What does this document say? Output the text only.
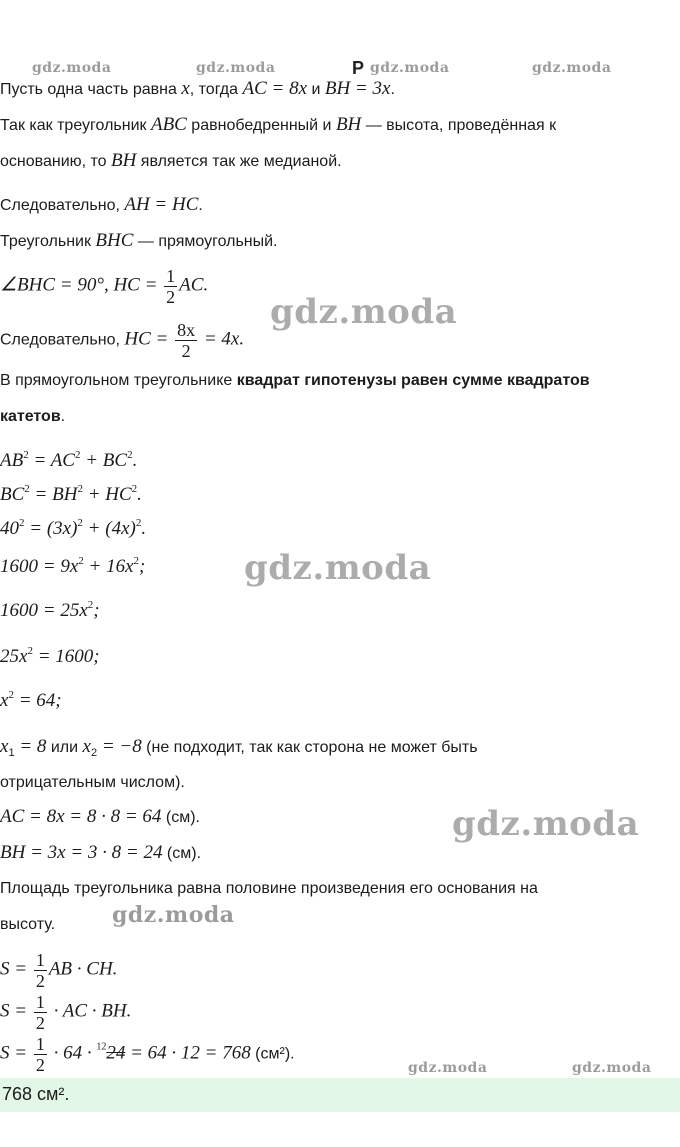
gdz.moda	gdz.moda	P gdz.moda	gdz.moda
Пусть одна часть равна x, тогда AC = 8x и BH = 3x.
Так как треугольник ABC равнобедренный и BH — высота, проведённая к
основанию, то BH является так же медианой.
Следовательно, AH = HC.
Треугольник BHC — прямоугольный.
∠BHC = 90°, HC = $\frac{1}{2}$ AC.
Следовательно, HC = $\frac{8x}{2} = 4x$.
gdz.moda
В прямоугольном треугольнике квадрат гипотенузы равен сумме квадратов
катетов.
$AB^2 = AC^2 + BC^2$.
$BC^2 = BH^2 + HC^2$.
$40^2 = (3x)^2 + (4x)^2$.
$1600 = 9x^2 + 16x^2$;	gdz.moda
$1600 = 25x^2$;
$25x^2 = 1600$;
$x^2 = 64$;
$x_1 = 8$ или $x_2 = -8$ (не подходит, так как сторона не может быть
отрицательным числом).
AC = 8x = 8 · 8 = 64 (см).
BH = 3x = 3 · 8 = 24 (см).
gdz.moda
Площадь треугольника равна половине произведения его основания на
высоту.	gdz.moda
$S = \frac{1}{2}$ AB · CH.
$S = \frac{1}{2}$ · AC · BH.
$S = \frac{1}{2} \cdot 64 \cdot ^{12}24 = 64 \cdot 12 = 768$ (см²).
gdz.moda	gdz.moda
768 см².
